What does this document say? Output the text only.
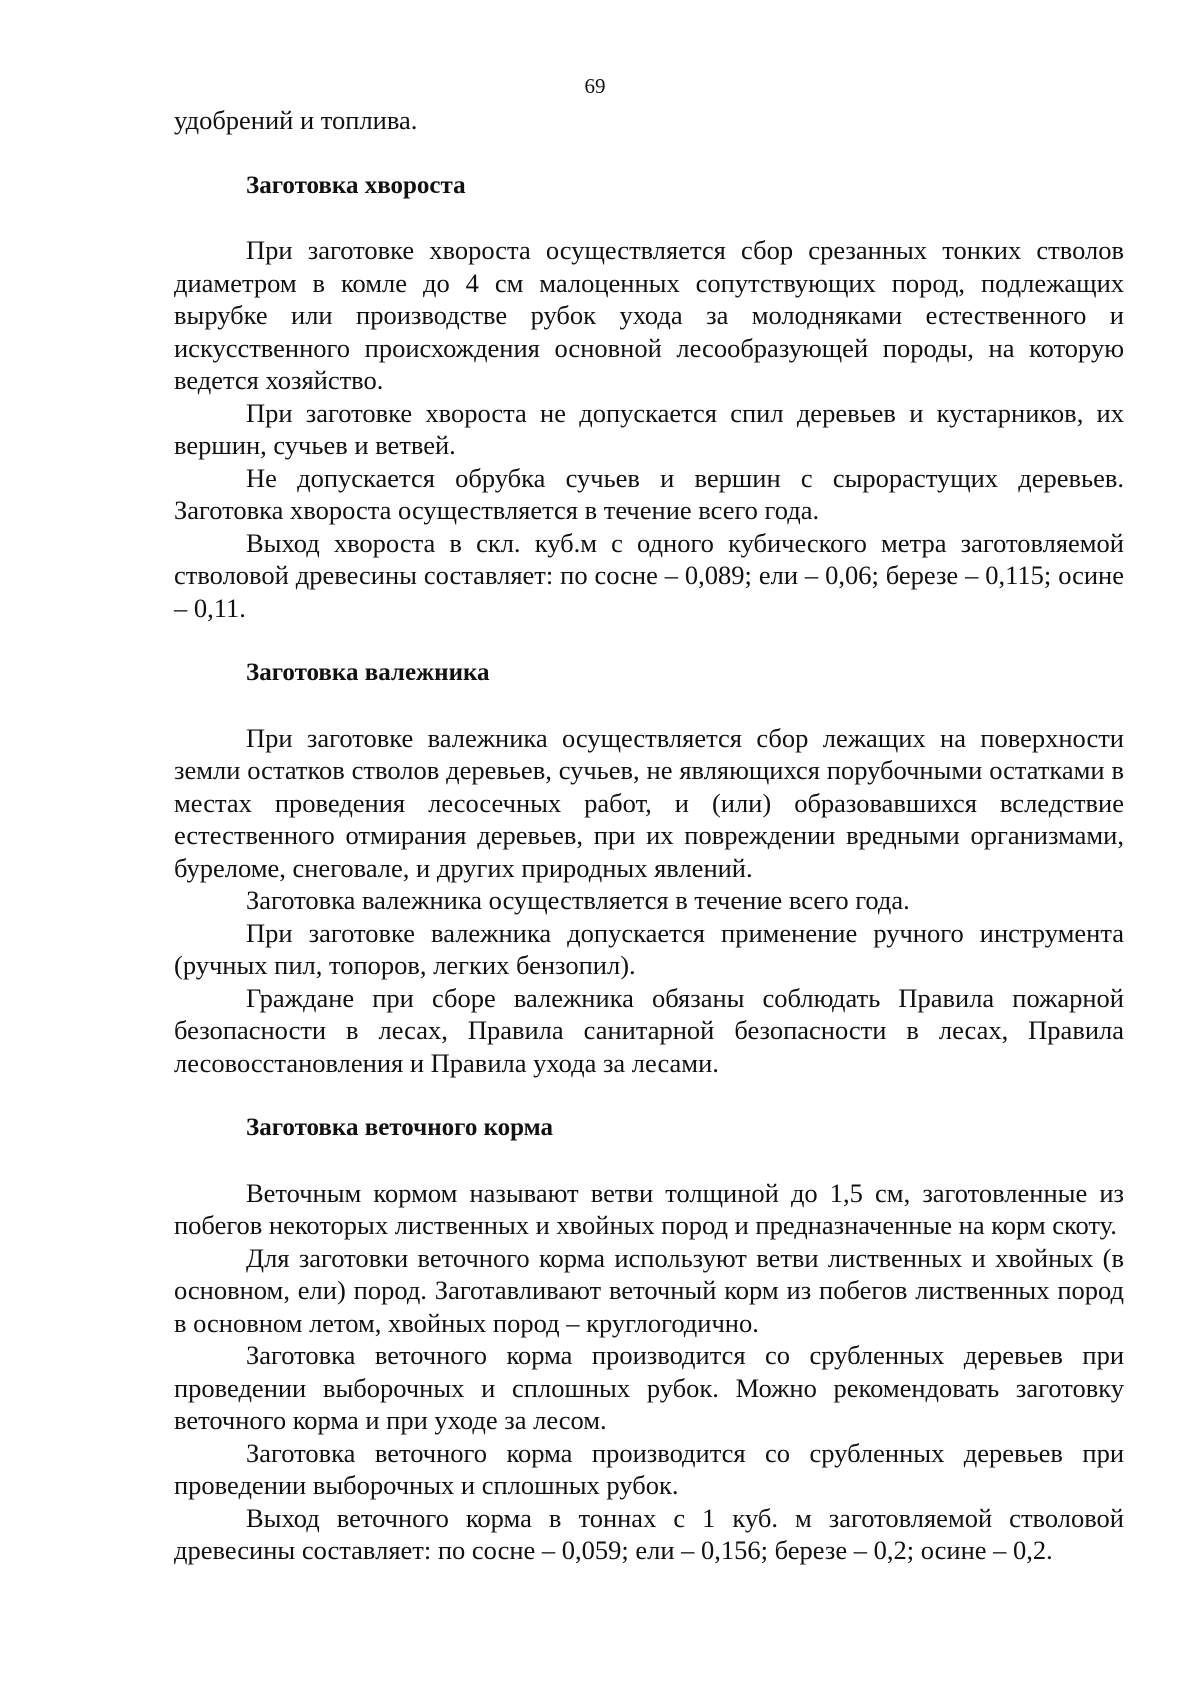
69

удобрений и топлива.

Заготовка хвороста

При заготовке хвороста осуществляется сбор срезанных тонких стволов диаметром в комле до 4 см малоценных сопутствующих пород, подлежащих вырубке или производстве рубок ухода за молодняками естественного и искусственного происхождения основной лесообразующей породы, на которую ведется хозяйство.

При заготовке хвороста не допускается спил деревьев и кустарников, их вершин, сучьев и ветвей.

Не допускается обрубка сучьев и вершин с сырорастущих деревьев. Заготовка хвороста осуществляется в течение всего года.

Выход хвороста в скл. куб.м с одного кубического метра заготовляемой стволовой древесины составляет: по сосне – 0,089; ели – 0,06; березе – 0,115; осине – 0,11.

Заготовка валежника

При заготовке валежника осуществляется сбор лежащих на поверхности земли остатков стволов деревьев, сучьев, не являющихся порубочными остатками в местах проведения лесосечных работ, и (или) образовавшихся вследствие естественного отмирания деревьев, при их повреждении вредными организмами, буреломе, снеговале, и других природных явлений.

Заготовка валежника осуществляется в течение всего года.

При заготовке валежника допускается применение ручного инструмента (ручных пил, топоров, легких бензопил).

Граждане при сборе валежника обязаны соблюдать Правила пожарной безопасности в лесах, Правила санитарной безопасности в лесах, Правила лесовосстановления и Правила ухода за лесами.

Заготовка веточного корма

Веточным кормом называют ветви толщиной до 1,5 см, заготовленные из побегов некоторых лиственных и хвойных пород и предназначенные на корм скоту.

Для заготовки веточного корма используют ветви лиственных и хвойных (в основном, ели) пород. Заготавливают веточный корм из побегов лиственных пород в основном летом, хвойных пород – круглогодично.

Заготовка веточного корма производится со срубленных деревьев при проведении выборочных и сплошных рубок. Можно рекомендовать заготовку веточного корма и при уходе за лесом.

Заготовка веточного корма производится со срубленных деревьев при проведении выборочных и сплошных рубок.

Выход веточного корма в тоннах с 1 куб. м заготовляемой стволовой древесины составляет: по сосне – 0,059; ели – 0,156; березе – 0,2; осине – 0,2.
